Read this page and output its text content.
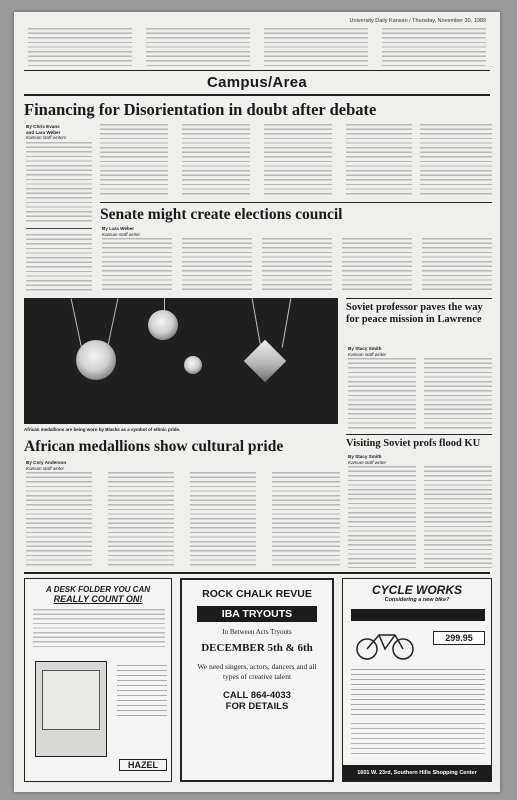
University Daily Kansan / Thursday, November 30, 1989
Campus/Area
Financing for Disorientation in doubt after debate
By Chris Evans
and Lara Weber
Kansan staff writers
Senate might create elections council
By Lara Weber
Kansan staff writer
African medallions are being worn by Blacks as a symbol of ethnic pride.
Soviet professor paves the way for peace mission in Lawrence
By Stacy Smith
Kansan staff writer
African medallions show cultural pride
By Cory Anderson
Kansan staff writer
Visiting Soviet profs flood KU
By Stacy Smith
Kansan staff writer
A DESK FOLDER YOU CAN
REALLY COUNT ON!
HAZEL
ROCK CHALK REVUE
IBA TRYOUTS
In Between Acts Tryouts
DECEMBER 5th & 6th
We need singers, actors, dancers and all types of creative talent
CALL 864-4033
FOR DETAILS
CYCLE WORKS
Considering a new bike?
299.95
1601 W. 23rd, Southern Hills Shopping Center
